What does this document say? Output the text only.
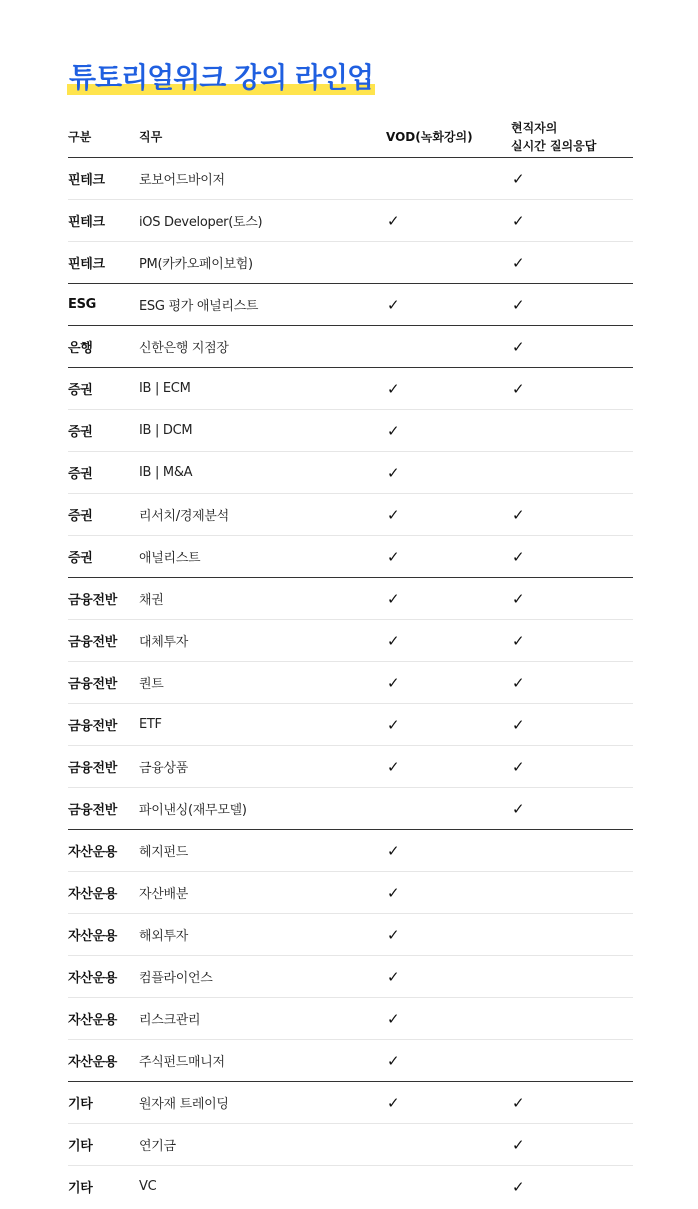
튜토리얼위크 강의 라인업
구분	직무	VOD(녹화강의)	현직자의
실시간 질의응답
핀테크	로보어드바이저		✓
핀테크	iOS Developer(토스)	✓	✓
핀테크	PM(카카오페이보험)		✓
ESG	ESG 평가 애널리스트	✓	✓
은행	신한은행 지점장		✓
증권	IB | ECM	✓	✓
증권	IB | DCM	✓	
증권	IB | M&A	✓	
증권	리서치/경제분석	✓	✓
증권	애널리스트	✓	✓
금융전반	채권	✓	✓
금융전반	대체투자	✓	✓
금융전반	퀀트	✓	✓
금융전반	ETF	✓	✓
금융전반	금융상품	✓	✓
금융전반	파이낸싱(재무모델)		✓
자산운용	헤지펀드	✓	
자산운용	자산배분	✓	
자산운용	해외투자	✓	
자산운용	컴플라이언스	✓	
자산운용	리스크관리	✓	
자산운용	주식펀드매니저	✓	
기타	원자재 트레이딩	✓	✓
기타	연기금		✓
기타	VC		✓
